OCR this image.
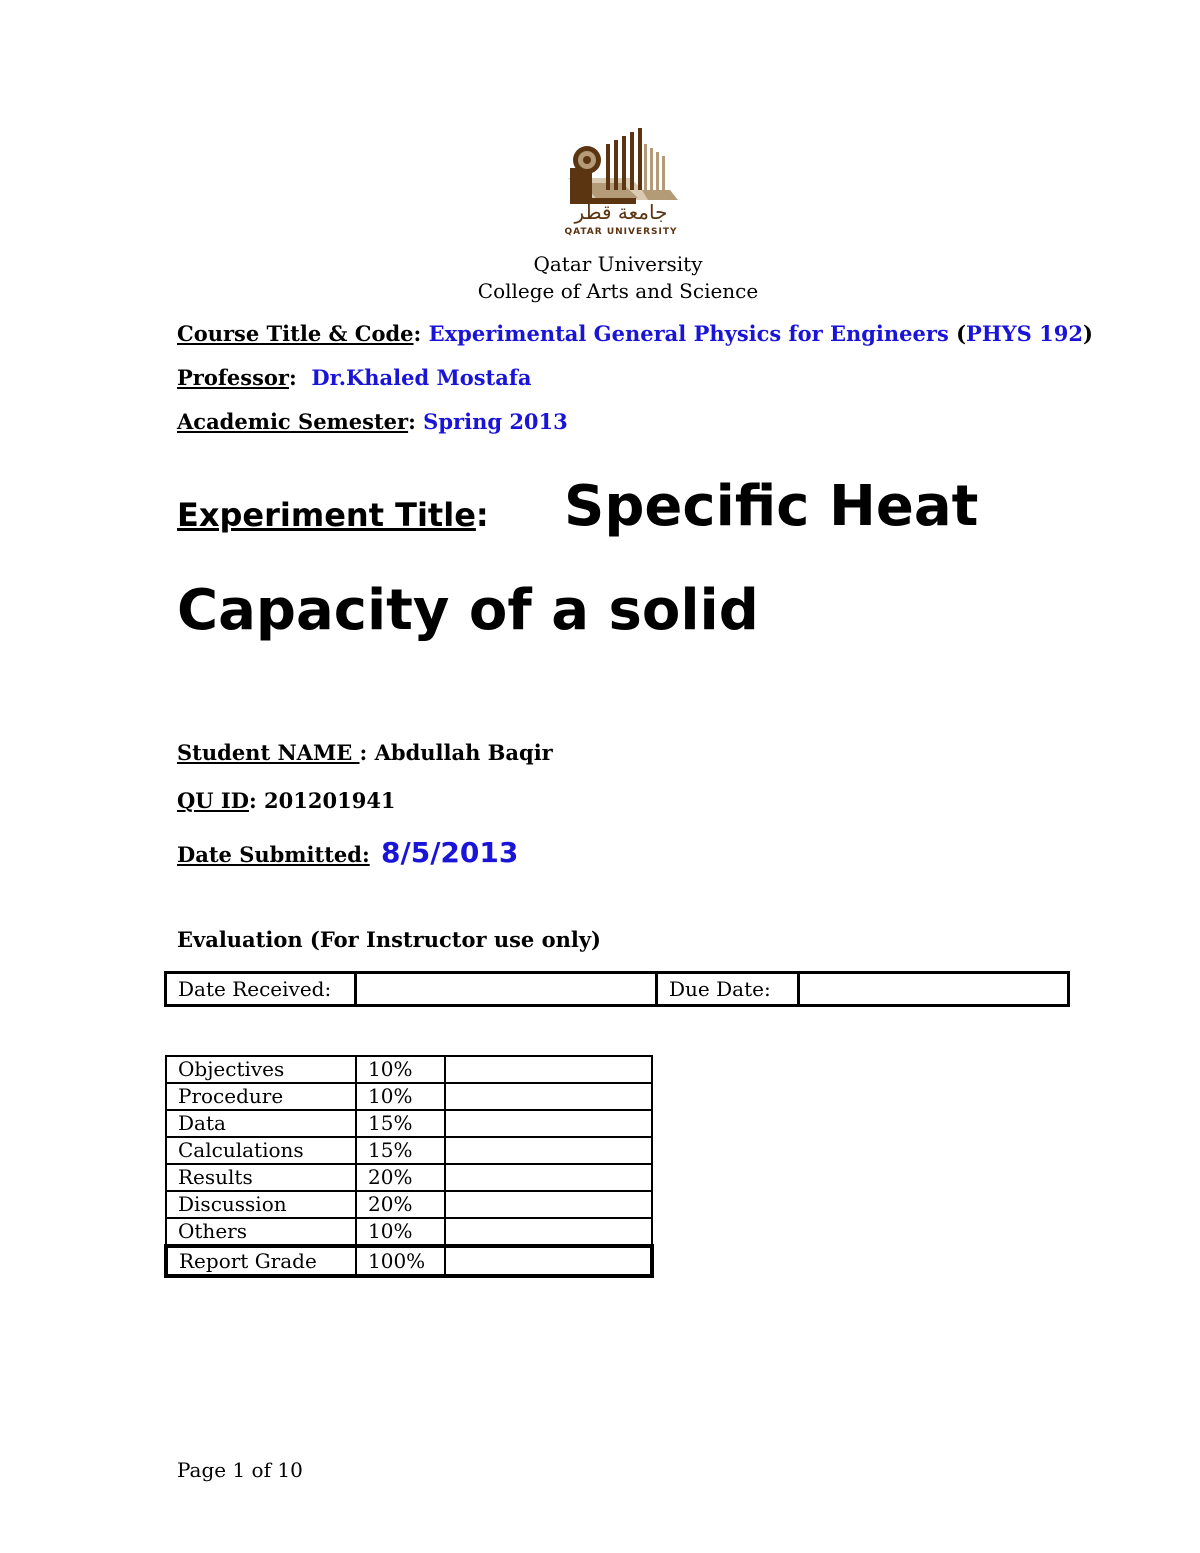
جامعة قطر
QATAR UNIVERSITY
Qatar University
College of Arts and Science
Course Title & Code: Experimental General Physics for Engineers (PHYS 192)
Professor:  Dr.Khaled Mostafa
Academic Semester: Spring 2013
Experiment Title: Specific Heat
Capacity of a solid
Student NAME : Abdullah Baqir
QU ID: 201201941
Date Submitted: 8/5/2013
Evaluation (For Instructor use only)
Date Received:		Due Date:	
Objectives	10%	
Procedure	10%	
Data	15%	
Calculations	15%	
Results	20%	
Discussion	20%	
Others	10%	
Report Grade	100%	
Page 1 of 10
